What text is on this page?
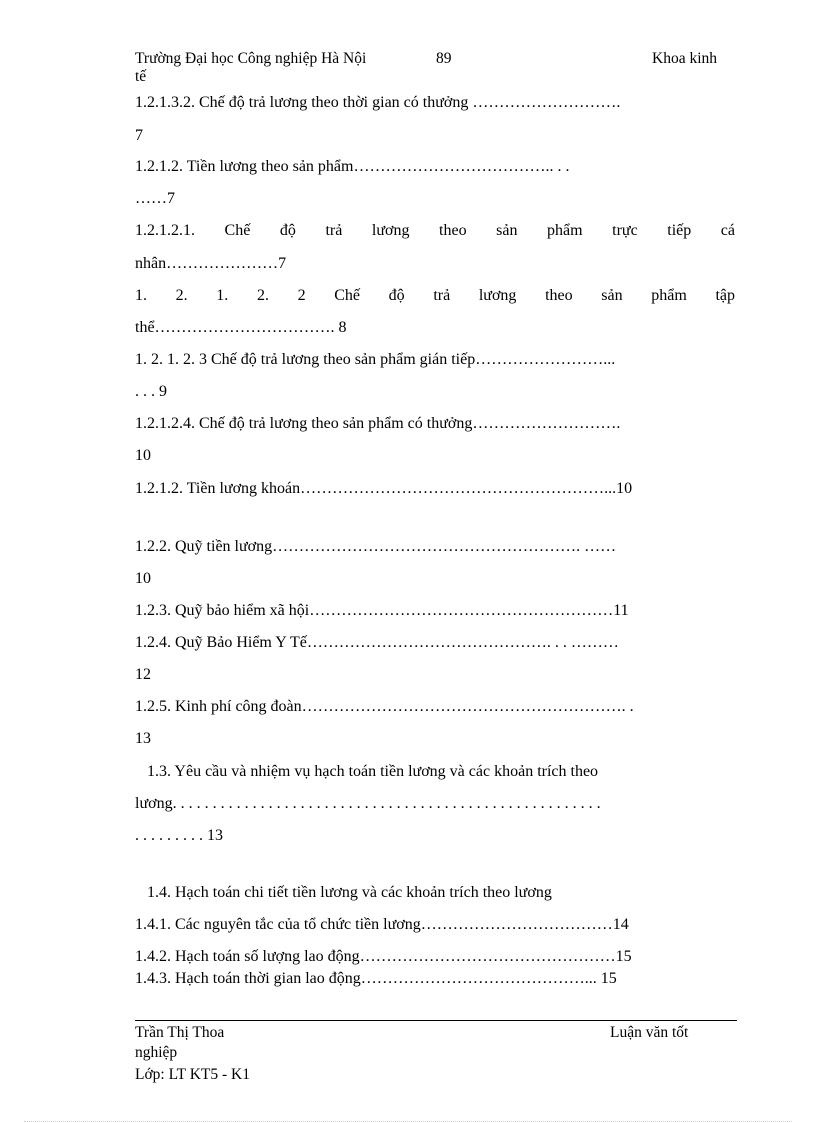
Trường Đại học Công nghiệp Hà Nội	89	Khoa kinh
tế
1.2.1.3.2. Chế độ trả lương theo thời gian có thưởng ……………………….
7
1.2.1.2. Tiền lương theo sản phẩm……………………………….. . .
……7
1.2.1.2.1. Chế độ trả lương theo sản phẩm trực tiếp cá
nhân…………………7
1. 2. 1. 2. 2 Chế độ trả lương theo sản phẩm tập
thể……………………………. 8
1. 2. 1. 2. 3 Chế độ trả lương theo sản phẩm gián tiếp……………………...
. . . 9
1.2.1.2.4. Chế độ trả lương theo sản phẩm có thưởng……………………….
10
1.2.1.2. Tiền lương khoán…………………………………………………...10
1.2.2. Quỹ tiền lương…………………………………………………. ……
10
1.2.3. Quỹ bảo hiểm xã hội…………………………………………………11
1.2.4. Quỹ Bảo Hiểm Y Tế………………………………………. . . ………
12
1.2.5. Kinh phí công đoàn……………………………………………………. .
13
1.3. Yêu cầu và nhiệm vụ hạch toán tiền lương và các khoản trích theo
lương. . . . . . . . . . . . . . . . . . . . . . . . . . . . . . . . . . . . . . . . . . . . . . . . . . . . . .
. . . . . . . . . 13
1.4. Hạch toán chi tiết tiền lương và các khoản trích theo lương
1.4.1. Các nguyên tắc của tổ chức tiền lương………………………………14
1.4.2. Hạch toán số lượng lao động…………………………………………15
1.4.3. Hạch toán thời gian lao động……………………………………... 15
Trần Thị Thoa	Luận văn tốt
nghiệp
Lớp: LT KT5 - K1
